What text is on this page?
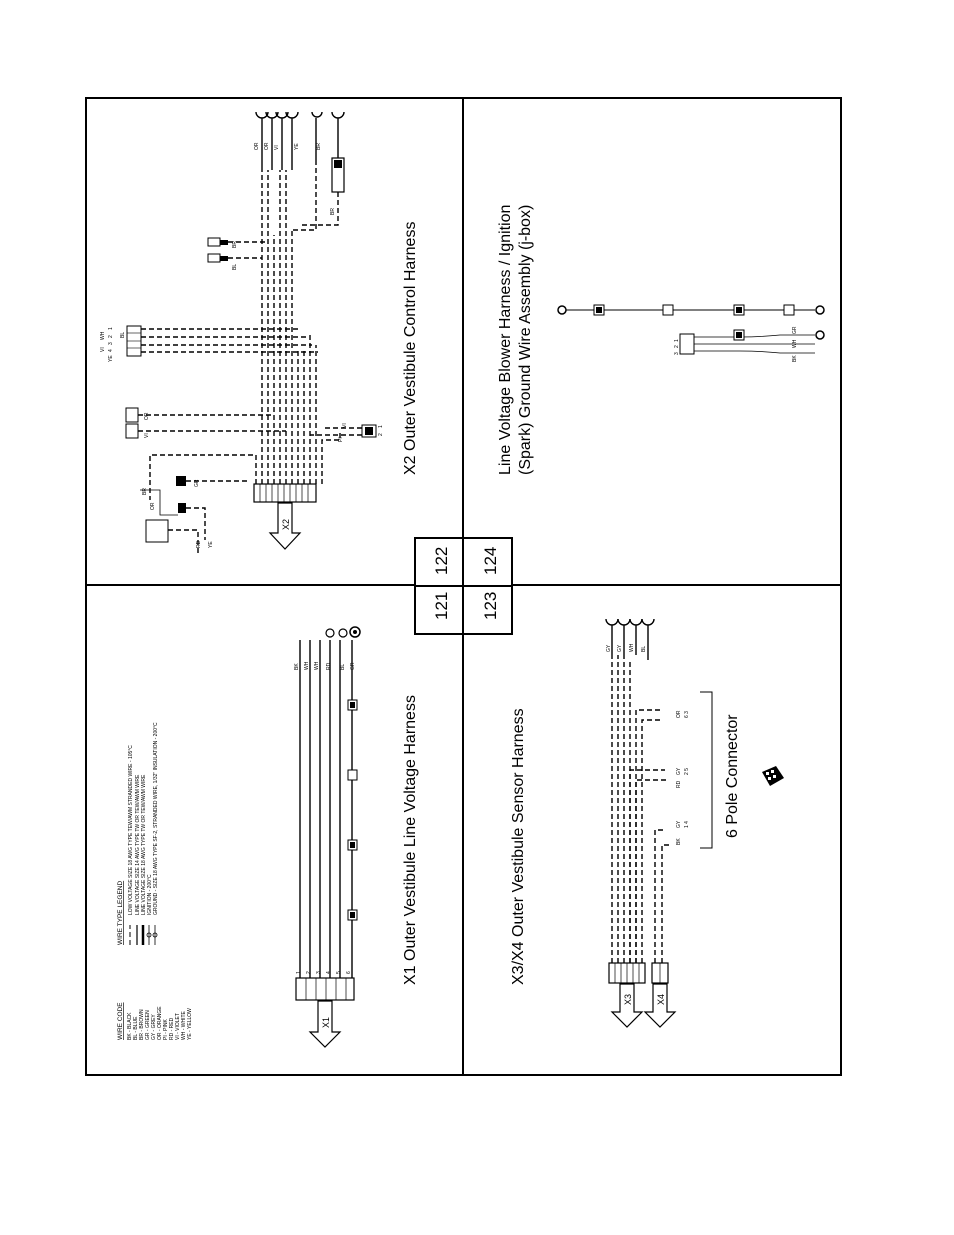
121
122
123
124
X2 Outer Vestibule Control Harness
X2
OR OR VI	YE	BR
BR
BR
BL
VI
WH	BL
YE
4
3
2
1
OR
VI
PI
VI	1
2
GR
BR
OR
RD YE
X1 Outer Vestibule Line Voltage Harness
WIRE CODE BK - BLACK BL - BLUE BR - BROWN GR - GREEN GY - GREY OR - ORANGE PI - PINK RD - RED VI - VIOLET WH - WHITE YE - YELLOW
WIRE TYPE LEGEND LOW VOLTAGE SIZE 18 AWG TYPE TEW/AWM STRANDED WIRE - 105°C LINE VOLTAGE SIZE 14 AWG TYPE TW OR TEW/AWM WIRE LINE VOLTAGE SIZE 18 AWG TYPE TW OR TEW/AWM WIRE IGNITION - 200°C GROUND - SIZE 18 AWG TYPE SF-2, STRANDED WIRE, 1/32" INSULATION - 200°C
X1
1 2 3 4 5 6
BK WH WH RD BL GR
Line Voltage Blower Harness / Ignition (Spark) Ground Wire Assembly (j-box)	1
2
3
BK
WH
GR
X3/X4 Outer Vestibule Sensor Harness	6 Pole Connector
X3	X4
GY GY WH BL
OR 6 3
GY 2 5
GY 1 4
RD
BK
